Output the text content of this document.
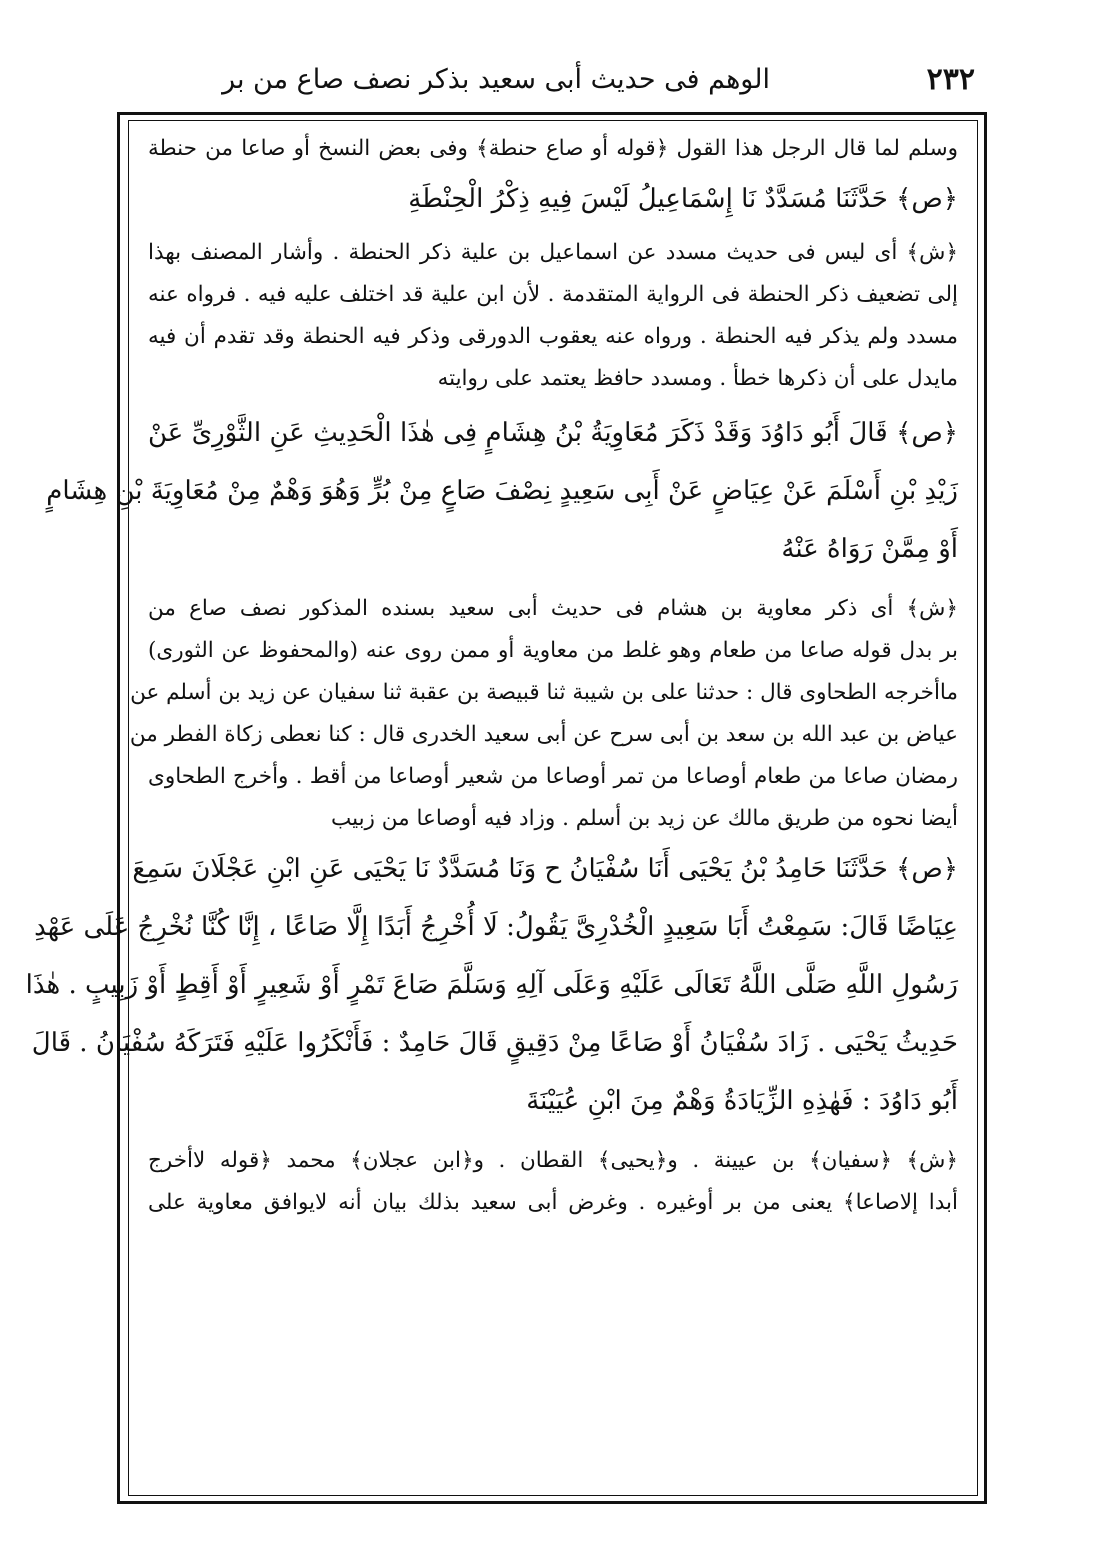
٢٣٢
الوهم فى حديث أبى سعيد بذكر نصف صاع من بر
وسلم لما قال الرجل هذا القول ﴿قوله أو صاع حنطة﴾ وفى بعض النسخ أو صاعا من حنطة
﴿ص﴾ حَدَّثَنَا مُسَدَّدٌ نَا إِسْمَاعِيلُ لَيْسَ فِيهِ ذِكْرُ الْحِنْطَةِ
﴿ش﴾ أى ليس فى حديث مسدد عن اسماعيل بن علية ذكر الحنطة . وأشار المصنف بهذا
إلى تضعيف ذكر الحنطة فى الرواية المتقدمة . لأن ابن علية قد اختلف عليه فيه . فرواه عنه
مسدد ولم يذكر فيه الحنطة . ورواه عنه يعقوب الدورقى وذكر فيه الحنطة وقد تقدم أن فيه
مايدل على أن ذكرها خطأ . ومسدد حافظ يعتمد على روايته
﴿ص﴾ قَالَ أَبُو دَاوُدَ وَقَدْ ذَكَرَ مُعَاوِيَةُ بْنُ هِشَامٍ فِى هٰذَا الْحَدِيثِ عَنِ الثَّوْرِىِّ عَنْ
زَيْدِ بْنِ أَسْلَمَ عَنْ عِيَاضٍ عَنْ أَبِى سَعِيدٍ نِصْفَ صَاعٍ مِنْ بُرٍّ وَهُوَ وَهْمٌ مِنْ مُعَاوِيَةَ بْنِ هِشَامٍ
أَوْ مِمَّنْ رَوَاهُ عَنْهُ
﴿ش﴾ أى ذكر معاوية بن هشام فى حديث أبى سعيد بسنده المذكور نصف صاع من
بر بدل قوله صاعا من طعام وهو غلط من معاوية أو ممن روى عنه (والمحفوظ عن الثورى)
ماأخرجه الطحاوى قال : حدثنا على بن شيبة ثنا قبيصة بن عقبة ثنا سفيان عن زيد بن أسلم عن
عياض بن عبد الله بن سعد بن أبى سرح عن أبى سعيد الخدرى قال : كنا نعطى زكاة الفطر من
رمضان صاعا من طعام أوصاعا من تمر أوصاعا من شعير أوصاعا من أقط . وأخرج الطحاوى
أيضا نحوه من طريق مالك عن زيد بن أسلم . وزاد فيه أوصاعا من زبيب
﴿ص﴾ حَدَّثَنَا حَامِدُ بْنُ يَحْيَى أَنَا سُفْيَانُ ح وَنَا مُسَدَّدٌ نَا يَحْيَى عَنِ ابْنِ عَجْلَانَ سَمِعَ
عِيَاضًا قَالَ: سَمِعْتُ أَبَا سَعِيدٍ الْخُدْرِىَّ يَقُولُ: لَا أُخْرِجُ أَبَدًا إِلَّا صَاعًا ، إِنَّا كُنَّا نُخْرِجُ عَلَى عَهْدِ
رَسُولِ اللَّهِ صَلَّى اللَّهُ تَعَالَى عَلَيْهِ وَعَلَى آلِهِ وَسَلَّمَ صَاعَ تَمْرٍ أَوْ شَعِيرٍ أَوْ أَقِطٍ أَوْ زَبِيبٍ . هٰذَا
حَدِيثُ يَحْيَى . زَادَ سُفْيَانُ أَوْ صَاعًا مِنْ دَقِيقٍ قَالَ حَامِدٌ : فَأَنْكَرُوا عَلَيْهِ فَتَرَكَهُ سُفْيَانُ . قَالَ
أَبُو دَاوُدَ : فَهٰذِهِ الزِّيَادَةُ وَهْمٌ مِنَ ابْنِ عُيَيْنَةَ
﴿ش﴾ ﴿سفيان﴾ بن عيينة . و﴿يحيى﴾ القطان . و﴿ابن عجلان﴾ محمد ﴿قوله لاأخرج
أبدا إلاصاعا﴾ يعنى من بر أوغيره . وغرض أبى سعيد بذلك بيان أنه لايوافق معاوية على
